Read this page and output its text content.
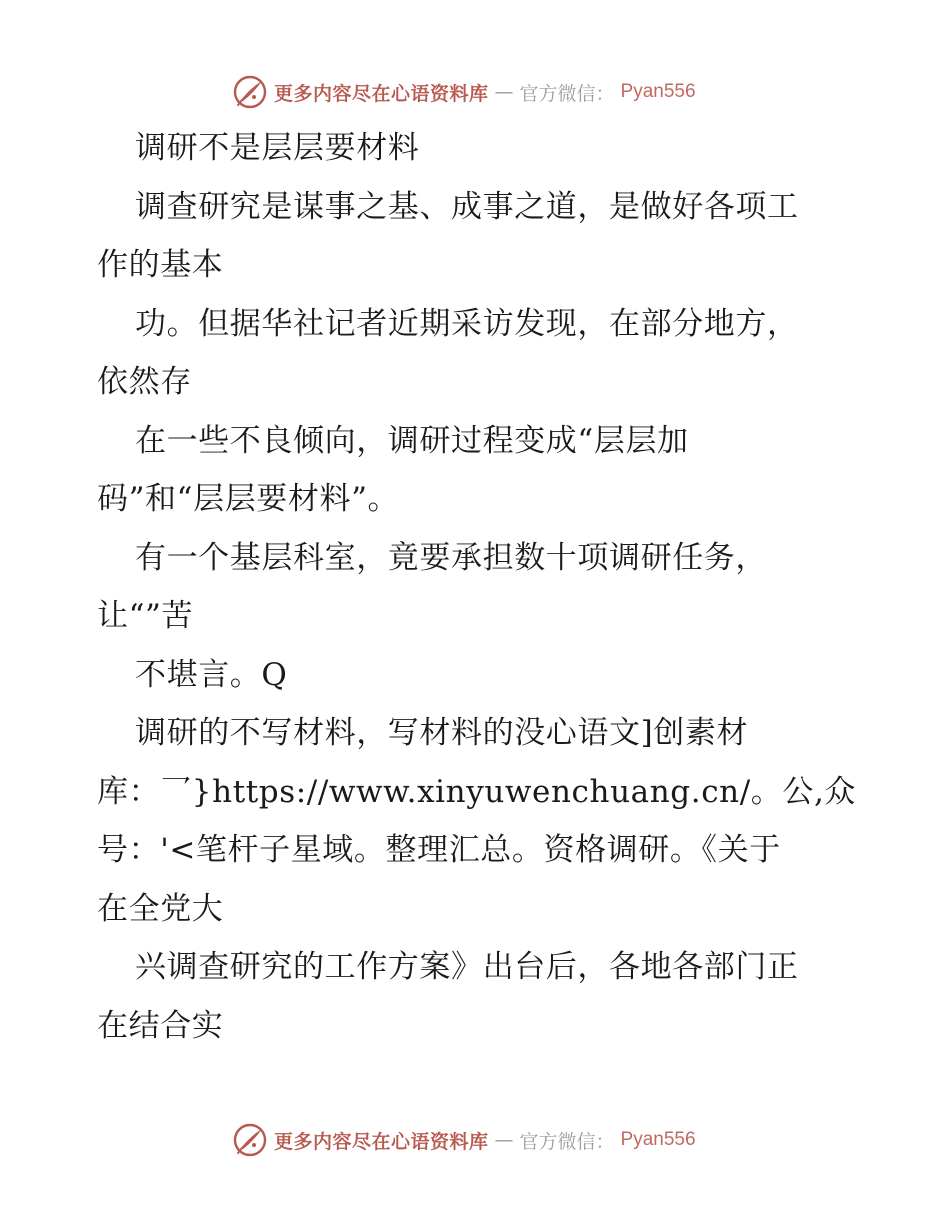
更多内容尽在心语资料库 — 官方微信： Pyan556
调研不是层层要材料
调查研究是谋事之基、成事之道，是做好各项工
作的基本
功。但据华社记者近期采访发现，在部分地方，
依然存
在一些不良倾向，调研过程变成“层层加
码”和“层层要材料”。
有一个基层科室，竟要承担数十项调研任务，
让“”苦
不堪言。Q
调研的不写材料，写材料的没心语文]创素材
库：乛}https://www.xinyuwenchuang.cn/。公,众
号：'<笔杆子星域。整理汇总。资格调研。《关于
在全党大
兴调查研究的工作方案》出台后，各地各部门正
在结合实
更多内容尽在心语资料库 — 官方微信： Pyan556
